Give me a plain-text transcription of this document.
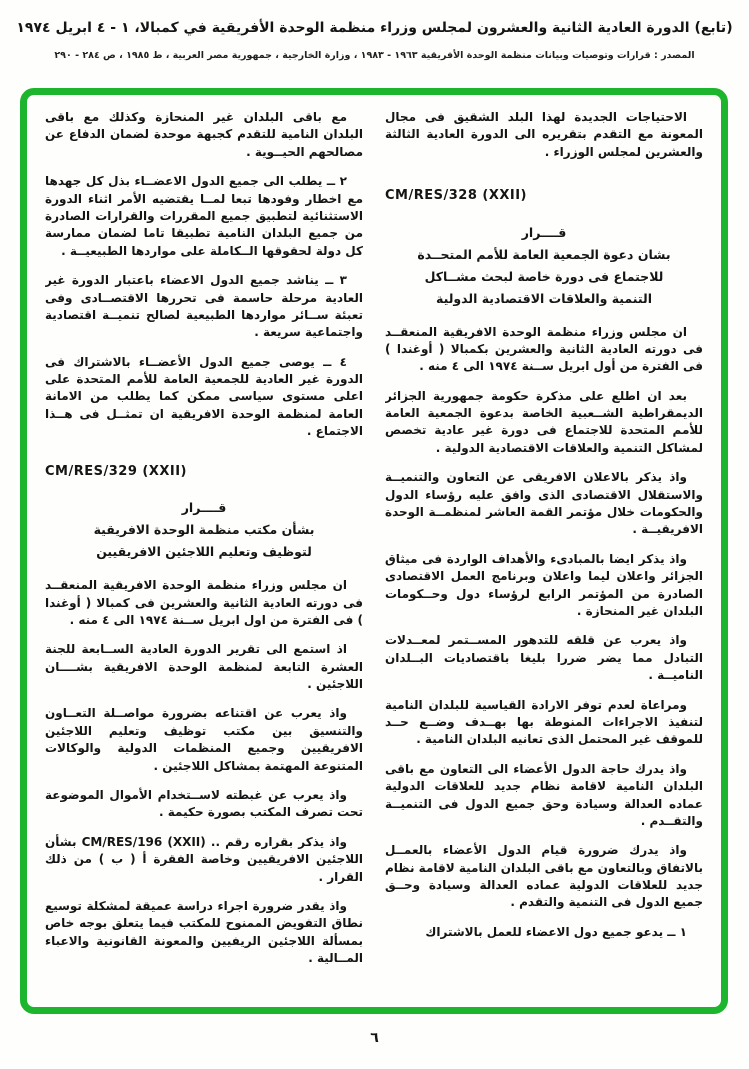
(تابع) الدورة العادية الثانية والعشرون لمجلس وزراء منظمة الوحدة الأفريقية في كمبالا، ١ - ٤ ابريل ١٩٧٤
المصدر : قرارات وتوصيات وبيانات منظمة الوحدة الأفريقية ١٩٦٣ - ١٩٨٣ ، وزارة الخارجية ، جمهورية مصر العربية ، ط ١٩٨٥ ، ص ٢٨٤ - ٢٩٠

الاحتياجات الجديدة لهذا البلد الشقيق فى مجال المعونة مع التقدم بتقريره الى الدورة العادية الثالثة والعشرين لمجلس الوزراء .

CM/RES/328 (XXII)
قــــرار
بشان دعوة الجمعية العامة للأمم المتحــدة
للاجتماع فى دورة خاصة لبحث مشــاكل
التنمية والعلاقات الاقتصادية الدولية

ان مجلس وزراء منظمة الوحدة الافريقية المنعقــد فى دورته العادية الثانية والعشرين بكمبالا ( أوغندا ) فى الفترة من أول ابريل ســنة ١٩٧٤ الى ٤ منه .

بعد ان اطلع على مذكرة حكومة جمهورية الجزائر الديمقراطية الشــعبية الخاصة بدعوة الجمعية العامة للأمم المتحدة للاجتماع فى دورة غير عادية تخصص لمشاكل التنمية والعلاقات الاقتصادية الدولية .

واذ يذكر بالاعلان الافريقى عن التعاون والتنميــة والاستقلال الاقتصادى الذى وافق عليه رؤساء الدول والحكومات خلال مؤتمر القمة العاشر لمنظمــة الوحدة الافريقيــة .

واذ يذكر ايضا بالمبادىء والأهداف الواردة فى ميثاق الجزائر واعلان ليما واعلان وبرنامج العمل الاقتصادى الصادرة من المؤتمر الرابع لرؤساء دول وحــكومات البلدان غير المنحازة .

واذ يعرب عن قلقه للتدهور المســتمر لمعــدلات التبادل مما يضر ضررا بليغا باقتصاديات البــلدان الناميــة .

ومراعاة لعدم توفر الارادة القياسية للبلدان النامية لتنفيذ الاجراءات المنوطة بها بهــدف وضــع حــد للموقف غير المحتمل الذى تعانيه البلدان النامية .

واذ يدرك حاجة الدول الأعضاء الى التعاون مع باقى البلدان النامية لاقامة نظام جديد للعلاقات الدولية عماده العدالة وسيادة وحق جميع الدول فى التنميــة والتقــدم .

واذ يدرك ضرورة قيام الدول الأعضاء بالعمــل بالاتفاق وبالتعاون مع باقى البلدان النامية لاقامة نظام جديد للعلاقات الدولية عماده العدالة وسيادة وحــق جميع الدول فى التنمية والتقدم .

١ ــ يدعو جميع دول الاعضاء للعمل بالاشتراك

مع باقى البلدان غير المنحازة وكذلك مع باقى البلدان النامية للتقدم كجبهة موحدة لضمان الدفاع عن مصالحهم الحيــوية .

٢ ــ يطلب الى جميع الدول الاعضــاء بذل كل جهدها مع اخطار وفودها تبعا لمــا يقتضيه الأمر اثناء الدورة الاستثنائية لتطبيق جميع المقررات والقرارات الصادرة من جميع البلدان النامية تطبيقا تاما لضمان ممارسة كل دولة لحقوقها الــكاملة على مواردها الطبيعيــة .

٣ ــ يناشد جميع الدول الاعضاء باعتبار الدورة غير العادية مرحلة حاسمة فى تحررها الاقتصــادى وفى تعبئة ســائر مواردها الطبيعية لصالح تنميــة اقتصادية واجتماعية سريعة .

٤ ــ يوصى جميع الدول الأعضــاء بالاشتراك فى الدورة غير العادية للجمعية العامة للأمم المتحدة على اعلى مستوى سياسى ممكن كما يطلب من الامانة العامة لمنظمة الوحدة الافريقية ان تمثــل فى هــذا الاجتماع .

CM/RES/329 (XXII)
قــــرار
بشأن مكتب منظمة الوحدة الافريقية
لتوظيف وتعليم اللاجئين الافريقيين

ان مجلس وزراء منظمة الوحدة الافريقية المنعقــد فى دورته العادية الثانية والعشرين فى كمبالا ( أوغندا ) فى الفترة من اول ابريل ســنة ١٩٧٤ الى ٤ منه .

اذ استمع الى تقرير الدورة العادية الســابعة للجنة العشرة التابعة لمنظمة الوحدة الافريقية بشــــان اللاجئين .

واذ يعرب عن اقتناعه بضرورة مواصــلة التعــاون والتنسيق بين مكتب توظيف وتعليم اللاجئين الافريقيين وجميع المنظمات الدولية والوكالات المتنوعة المهتمة بمشاكل اللاجئين .

واذ يعرب عن غبطته لاســتخدام الأموال الموضوعة تحت تصرف المكتب بصورة حكيمة .

واذ يذكر بقراره رقم .. CM/RES/196 (XXII) بشأن اللاجئين الافريقيين وخاصة الفقرة أ ( ب ) من ذلك القرار .

واذ يقدر ضرورة اجراء دراسة عميقة لمشكلة توسيع نطاق التفويض الممنوح للمكتب فيما يتعلق بوجه خاص بمسألة اللاجئين الريفيين والمعونة القانونية والاعباء المــالية .

٦
